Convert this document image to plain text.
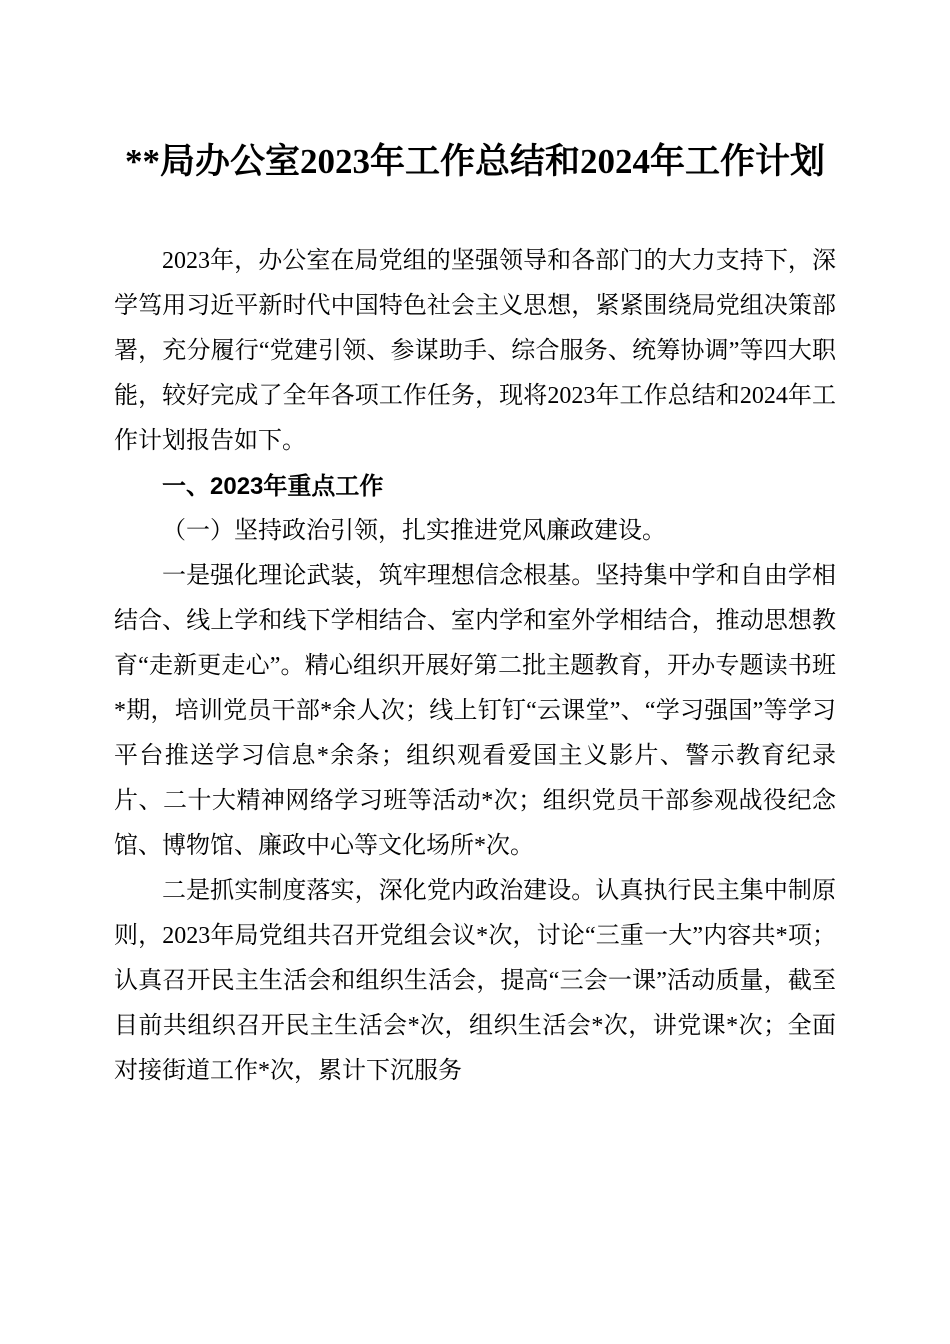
**局办公室2023年工作总结和2024年工作计划

2023年，办公室在局党组的坚强领导和各部门的大力支持下，深学笃用习近平新时代中国特色社会主义思想，紧紧围绕局党组决策部署，充分履行“党建引领、参谋助手、综合服务、统筹协调”等四大职能，较好完成了全年各项工作任务，现将2023年工作总结和2024年工作计划报告如下。

一、2023年重点工作

（一）坚持政治引领，扎实推进党风廉政建设。

一是强化理论武装，筑牢理想信念根基。坚持集中学和自由学相结合、线上学和线下学相结合、室内学和室外学相结合，推动思想教育“走新更走心”。精心组织开展好第二批主题教育，开办专题读书班*期，培训党员干部*余人次；线上钉钉“云课堂”、“学习强国”等学习平台推送学习信息*余条；组织观看爱国主义影片、警示教育纪录片、二十大精神网络学习班等活动*次；组织党员干部参观战役纪念馆、博物馆、廉政中心等文化场所*次。

二是抓实制度落实，深化党内政治建设。认真执行民主集中制原则，2023年局党组共召开党组会议*次，讨论“三重一大”内容共*项；认真召开民主生活会和组织生活会，提高“三会一课”活动质量，截至目前共组织召开民主生活会*次，组织生活会*次，讲党课*次；全面对接街道工作*次，累计下沉服务
